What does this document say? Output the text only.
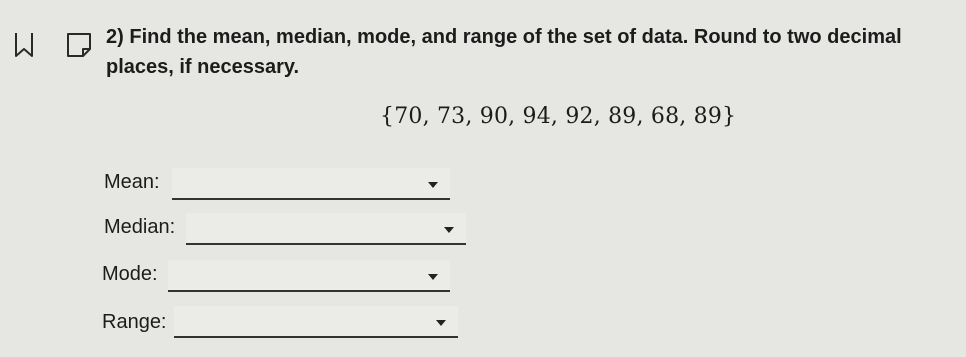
2) Find the mean, median, mode, and range of the set of data. Round to two decimal places, if necessary.
{70, 73, 90, 94, 92, 89, 68, 89}
Mean:
Median:
Mode:
Range:
